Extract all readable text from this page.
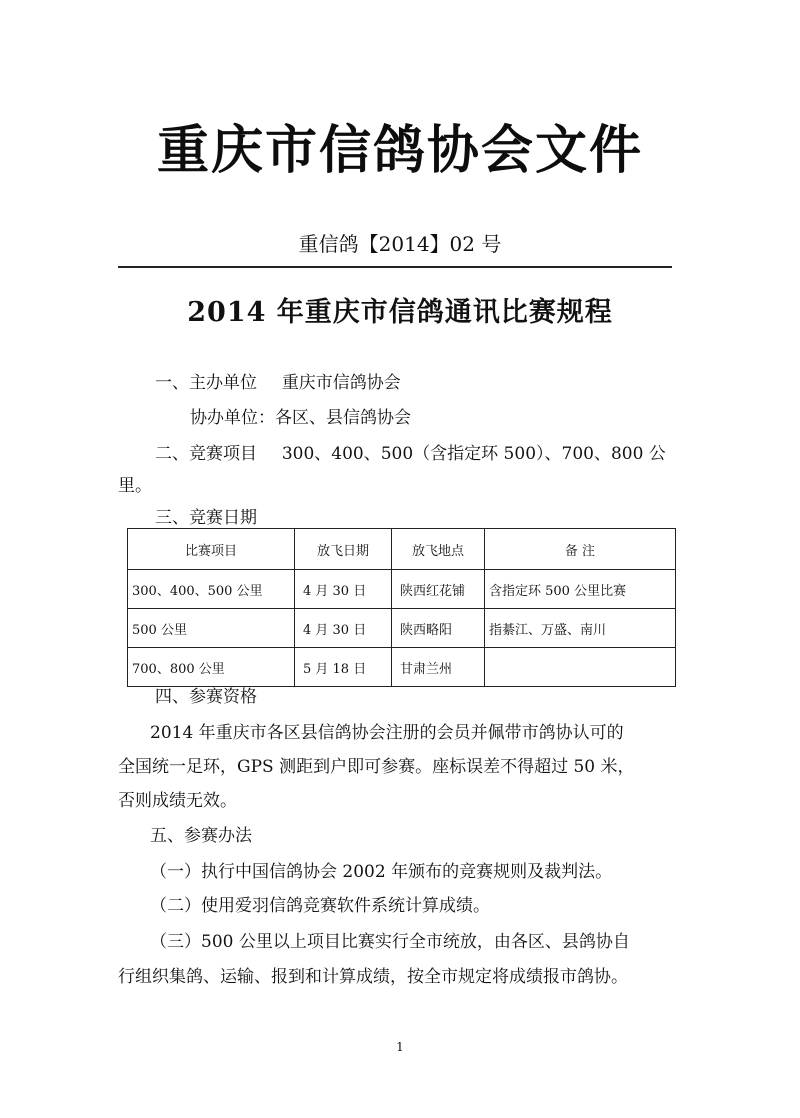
重庆市信鸽协会文件
重信鸽【2014】02 号
2014 年重庆市信鸽通讯比赛规程
一、主办单位 重庆市信鸽协会
协办单位：各区、县信鸽协会
二、竞赛项目 300、400、500（含指定环 500）、700、800 公
里。
三、竞赛日期
比赛项目	放飞日期	放飞地点	备 注
300、400、500 公里	4 月 30 日	陕西红花铺	含指定环 500 公里比赛
500 公里	4 月 30 日	陕西略阳	指綦江、万盛、南川
700、800 公里	5 月 18 日	甘肃兰州	
四、参赛资格
2014 年重庆市各区县信鸽协会注册的会员并佩带市鸽协认可的
全国统一足环，GPS 测距到户即可参赛。座标误差不得超过 50 米，
否则成绩无效。
五、参赛办法
（一）执行中国信鸽协会 2002 年颁布的竞赛规则及裁判法。
（二）使用爱羽信鸽竞赛软件系统计算成绩。
（三）500 公里以上项目比赛实行全市统放，由各区、县鸽协自
行组织集鸽、运输、报到和计算成绩，按全市规定将成绩报市鸽协。
1
